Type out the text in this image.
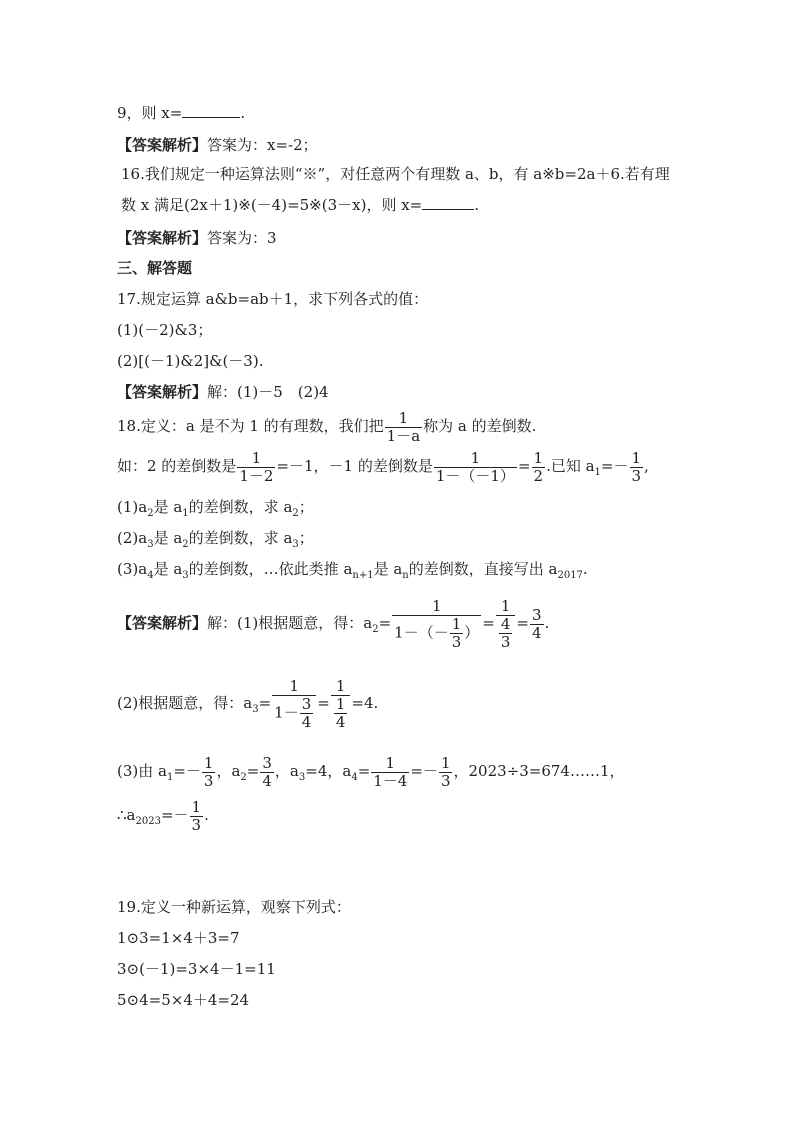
9，则 x=	.
【答案解析】答案为：x=-2；
16.我们规定一种运算法则“※”，对任意两个有理数 a、b，有 a※b=2a＋6.若有理
数 x 满足(2x＋1)※(－4)=5※(3－x)，则 x=	.
【答案解析】答案为：3
三、解答题
17.规定运算 a&b=ab＋1，求下列各式的值：
(1)(－2)&3；
(2)[(－1)&2]&(－3).
【答案解析】解：(1)－5　(2)4
18.定义：a 是不为 1 的有理数，我们把 $\frac{1}{1-a}$ 称为 a 的差倒数.
如：2 的差倒数是 $\frac{1}{1-2} =-1$，－1 的差倒数是 $\frac{1}{1-(-1)} = \frac{1}{2}$ .已知 $a_1=- \frac{1}{3}$ ,
$(1)a_2$是 $a_1$的差倒数，求 $a_2$；
$(2)a_3$是 $a_2$的差倒数，求 $a_3$；
$(3)a_4$是 $a_3$的差倒数，…依此类推 $a_{n+1}$是 $a_n$的差倒数，直接写出 $a_{2017}$.
【答案解析】解：(1)根据题意，得：$a_2= \frac{1}{1-(- \frac{1}{3} )} = \frac{1}{\frac{4}{3}} = \frac{3}{4}$ .
(2)根据题意，得：$a_3= \frac{1}{1- \frac{3}{4}} = \frac{1}{\frac{1}{4}} =4$.
(3)由 $a_1=- \frac{1}{3}$ ，$a_2= \frac{3}{4}$ ，$a_3=4$，$a_4= \frac{1}{1-4} =- \frac{1}{3}$ ，2023÷3=674……1，
$\therefore a_{2023}=- \frac{1}{3}$ .
19.定义一种新运算，观察下列式：
1⊙3=1×4＋3=7
3⊙(－1)=3×4－1=11
5⊙4=5×4＋4=24
